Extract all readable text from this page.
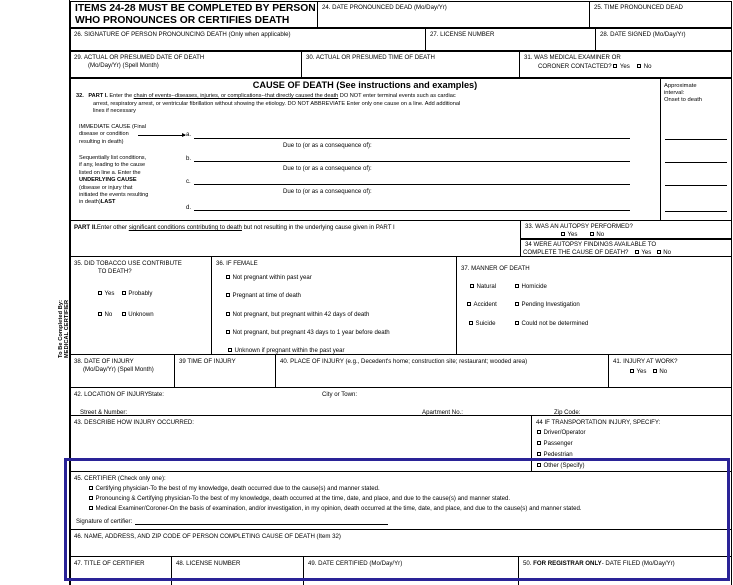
To Be Completed By:
MEDICAL CERTIFIER
ITEMS 24-28 MUST BE COMPLETED BY PERSON
WHO PRONOUNCES OR CERTIFIES DEATH
24. DATE PRONOUNCED DEAD (Mo/Day/Yr)	25. TIME PRONOUNCED DEAD
26. SIGNATURE OF PERSON PRONOUNCING DEATH (Only when applicable)	27. LICENSE NUMBER	28. DATE SIGNED (Mo/Day/Yr)
29. ACTUAL OR PRESUMED DATE OF DEATH
(Mo/Day/Yr) (Spell Month)
30. ACTUAL OR PRESUMED TIME OF DEATH	31. WAS MEDICAL EXAMINER OR
CORONER CONTACTED? Yes No
CAUSE OF DEATH (See instructions and examples)
32. PART I. Enter the chain of events--diseases, injuries, or complications--that directly caused the death DO NOT enter terminal events such as cardiac
arrest, respiratory arrest, or ventricular fibrillation without showing the etiology. DO NOT ABBREVIATE Enter only one cause on a line. Add additional
lines if necessary
Approximate
interval:
Onset to death
IMMEDIATE CAUSE (Final
disease or condition
resulting in death)
Sequentially list conditions,
if any, leading to the cause
listed on line a. Enter the
UNDERLYING CAUSE
(disease or injury that
initiated the events resulting
in death)LAST
a.
Due to (or as a consequence of):
b.
Due to (or as a consequence of):
c.
Due to (or as a consequence of):
d.
PART II.Enter other significant conditions contributing to death but not resulting in the underlying cause given in PART I	33. WAS AN AUTOPSY PERFORMED?
Yes	No
34 WERE AUTOPSY FINDINGS AVAILABLE TO
COMPLETE THE CAUSE OF DEATH? Yes No
35. DID TOBACCO USE CONTRIBUTE
TO DEATH?
Yes Probably
No	Unknown
36. IF FEMALE
Not pregnant within past year
Pregnant at time of death
Not pregnant, but pregnant within 42 days of death
Not pregnant, but pregnant 43 days to 1 year before death
Unknown if pregnant within the past year
37. MANNER OF DEATH
Natural	Homicide
Accident	Pending Investigation
Suicide	Could not be determined
38. DATE OF INJURY
(Mo/Day/Yr) (Spell Month)
39 TIME OF INJURY	40. PLACE OF INJURY (e.g., Decedent's home; construction site; restaurant; wooded area)	41. INJURY AT WORK?
Yes No
42. LOCATION OF INJURY:
State:	City or Town:
Street & Number:	Apartment No.:	Zip Code:
43. DESCRIBE HOW INJURY OCCURRED:	44 IF TRANSPORTATION INJURY, SPECIFY:
Driver/Operator
Passenger
Pedestrian
Other (Specify)
45. CERTIFIER (Check only one):
Certifying physician-To the best of my knowledge, death occurred due to the cause(s) and manner stated.
Pronouncing & Certifying physician-To the best of my knowledge, death occurred at the time, date, and place, and due to the cause(s) and manner stated.
Medical Examiner/Coroner-On the basis of examination, and/or investigation, in my opinion, death occurred at the time, date, and place, and due to the cause(s) and manner stated.
Signature of certifier:
46. NAME, ADDRESS, AND ZIP CODE OF PERSON COMPLETING CAUSE OF DEATH (Item 32)
47. TITLE OF CERTIFIER	48. LICENSE NUMBER	49. DATE CERTIFIED (Mo/Day/Yr)	50. FOR REGISTRAR ONLY- DATE FILED (Mo/Day/Yr)
